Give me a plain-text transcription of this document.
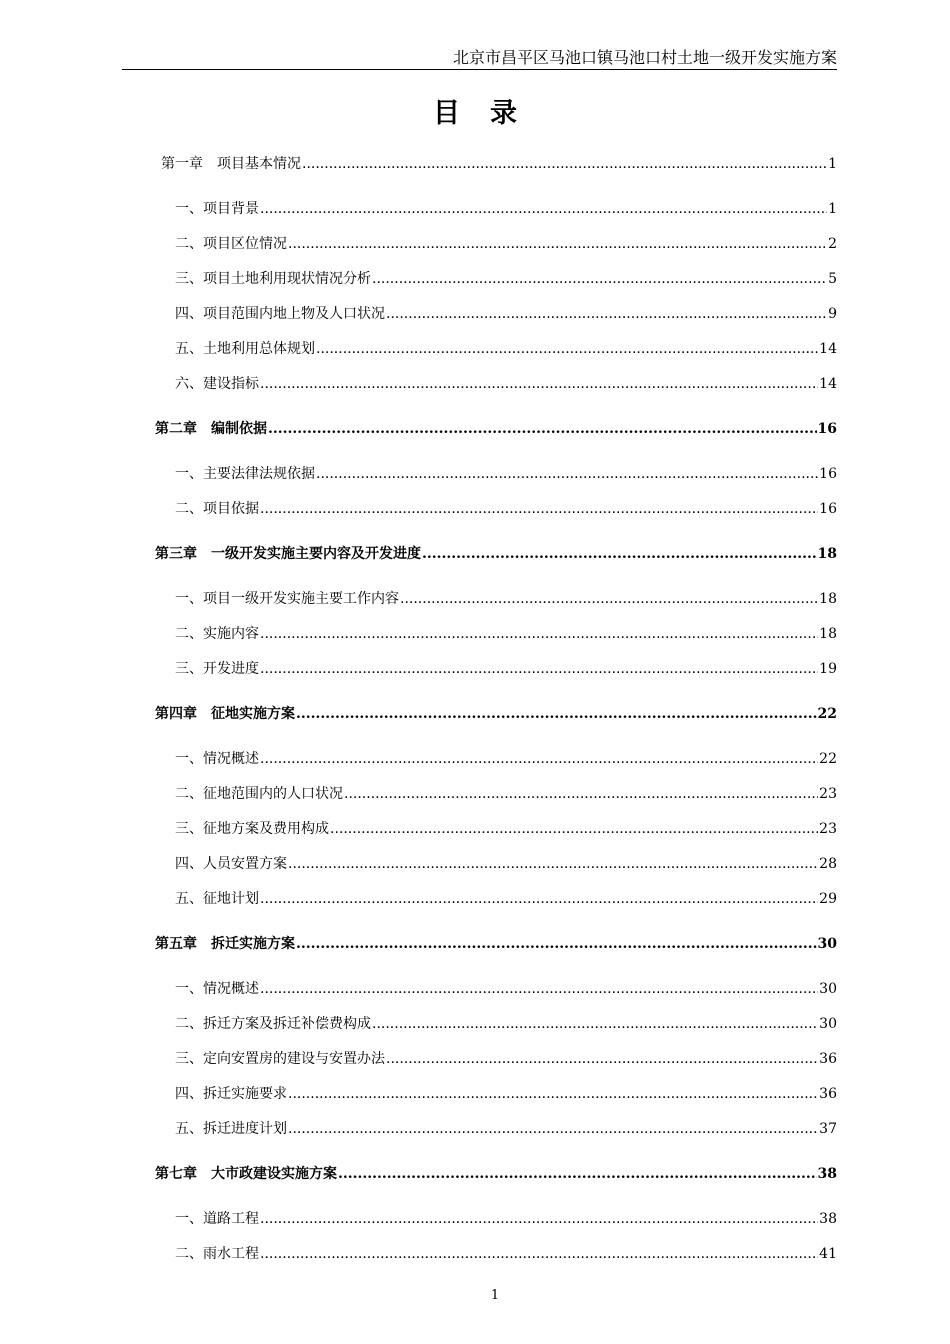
北京市昌平区马池口镇马池口村土地一级开发实施方案
目 录
第一章　项目基本情况 .....	1
一、项目背景 .....	1
二、项目区位情况 .....	2
三、项目土地利用现状情况分析 .....	5
四、项目范围内地上物及人口状况 .....	9
五、土地利用总体规划 .....	14
六、建设指标 .....	14
第二章　编制依据 .....	16
一、主要法律法规依据 .....	16
二、项目依据 .....	16
第三章　一级开发实施主要内容及开发进度 .....	18
一、项目一级开发实施主要工作内容 .....	18
二、实施内容 .....	18
三、开发进度 .....	19
第四章　征地实施方案 .....	22
一、情况概述 .....	22
二、征地范围内的人口状况 .....	23
三、征地方案及费用构成 .....	23
四、人员安置方案 .....	28
五、征地计划 .....	29
第五章　拆迁实施方案 .....	30
一、情况概述 .....	30
二、拆迁方案及拆迁补偿费构成 .....	30
三、定向安置房的建设与安置办法 .....	36
四、拆迁实施要求 .....	36
五、拆迁进度计划 .....	37
第七章　大市政建设实施方案 .....	38
一、道路工程 .....	38
二、雨水工程 .....	41
1
